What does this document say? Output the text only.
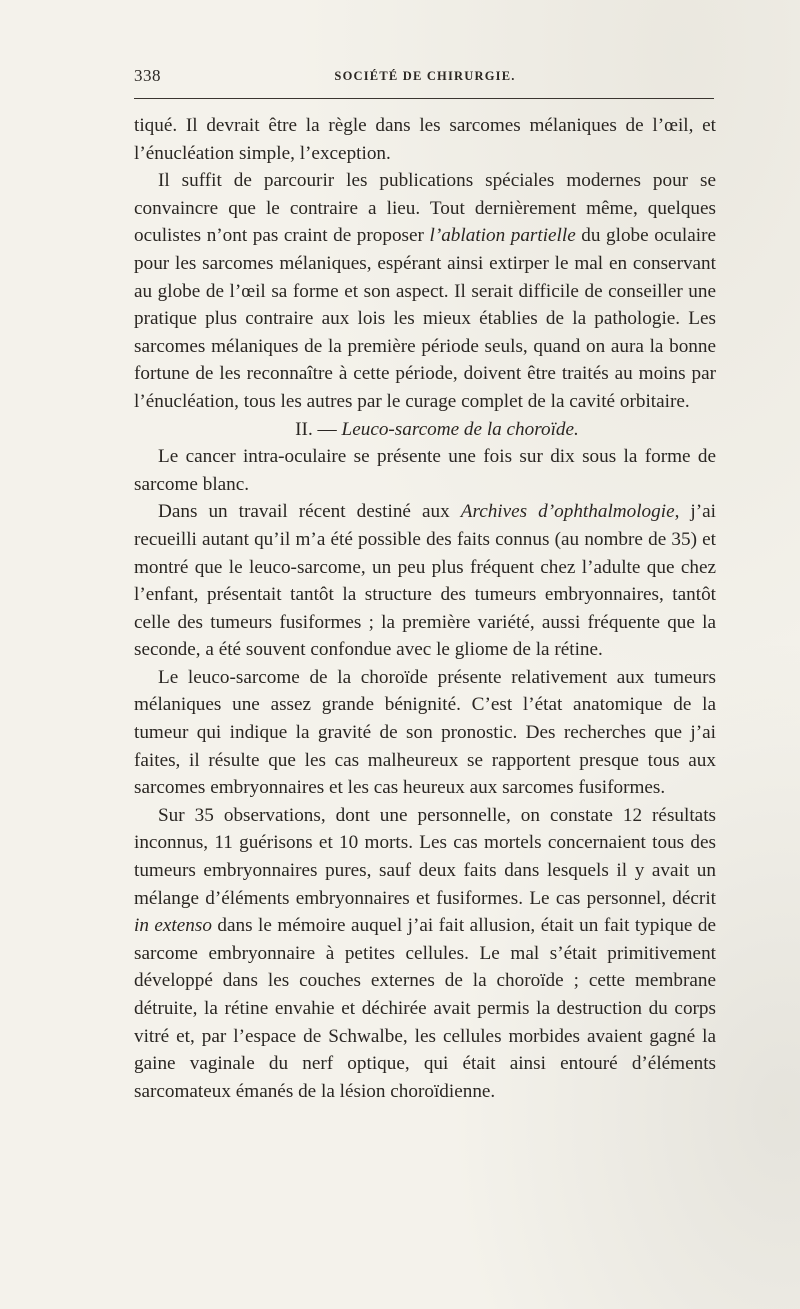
338	SOCIÉTÉ DE CHIRURGIE.

tiqué. Il devrait être la règle dans les sarcomes mélaniques de l’œil, et l’énucléation simple, l’exception.

Il suffit de parcourir les publications spéciales modernes pour se convaincre que le contraire a lieu. Tout dernièrement même, quelques oculistes n’ont pas craint de proposer l’ablation partielle du globe oculaire pour les sarcomes mélaniques, espérant ainsi extirper le mal en conservant au globe de l’œil sa forme et son aspect. Il serait difficile de conseiller une pratique plus contraire aux lois les mieux établies de la pathologie. Les sarcomes mélaniques de la première période seuls, quand on aura la bonne fortune de les reconnaître à cette période, doivent être traités au moins par l’énucléation, tous les autres par le curage complet de la cavité orbitaire.

II. — Leuco-sarcome de la choroïde.

Le cancer intra-oculaire se présente une fois sur dix sous la forme de sarcome blanc.

Dans un travail récent destiné aux Archives d’ophthalmologie, j’ai recueilli autant qu’il m’a été possible des faits connus (au nombre de 35) et montré que le leuco-sarcome, un peu plus fréquent chez l’adulte que chez l’enfant, présentait tantôt la structure des tumeurs embryonnaires, tantôt celle des tumeurs fusiformes ; la première variété, aussi fréquente que la seconde, a été souvent confondue avec le gliome de la rétine.

Le leuco-sarcome de la choroïde présente relativement aux tumeurs mélaniques une assez grande bénignité. C’est l’état anatomique de la tumeur qui indique la gravité de son pronostic. Des recherches que j’ai faites, il résulte que les cas malheureux se rapportent presque tous aux sarcomes embryonnaires et les cas heureux aux sarcomes fusiformes.

Sur 35 observations, dont une personnelle, on constate 12 résultats inconnus, 11 guérisons et 10 morts. Les cas mortels concernaient tous des tumeurs embryonnaires pures, sauf deux faits dans lesquels il y avait un mélange d’éléments embryonnaires et fusiformes. Le cas personnel, décrit in extenso dans le mémoire auquel j’ai fait allusion, était un fait typique de sarcome embryonnaire à petites cellules. Le mal s’était primitivement développé dans les couches externes de la choroïde ; cette membrane détruite, la rétine envahie et déchirée avait permis la destruction du corps vitré et, par l’espace de Schwalbe, les cellules morbides avaient gagné la gaine vaginale du nerf optique, qui était ainsi entouré d’éléments sarcomateux émanés de la lésion choroïdienne.
